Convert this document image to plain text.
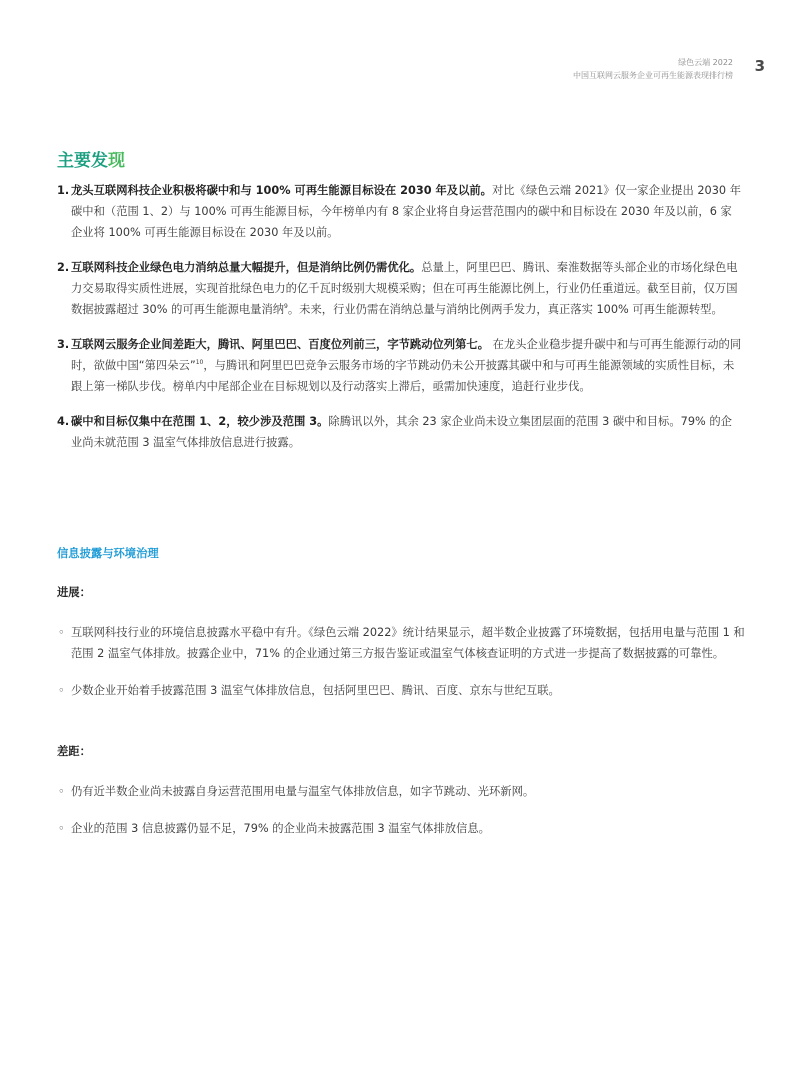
绿色云端 2022
中国互联网云服务企业可再生能源表现排行榜
3
主要发现
1. 龙头互联网科技企业积极将碳中和与 100% 可再生能源目标设在 2030 年及以前。对比《绿色云端 2021》仅一家企业提出 2030 年碳中和（范围 1、2）与 100% 可再生能源目标，今年榜单内有 8 家企业将自身运营范围内的碳中和目标设在 2030 年及以前，6 家企业将 100% 可再生能源目标设在 2030 年及以前。
2. 互联网科技企业绿色电力消纳总量大幅提升，但是消纳比例仍需优化。总量上，阿里巴巴、腾讯、秦淮数据等头部企业的市场化绿色电力交易取得实质性进展，实现首批绿色电力的亿千瓦时级别大规模采购；但在可再生能源比例上，行业仍任重道远。截至目前，仅万国数据披露超过 30% 的可再生能源电量消纳$^9$。未来，行业仍需在消纳总量与消纳比例两手发力，真正落实 100% 可再生能源转型。
3. 互联网云服务企业间差距大，腾讯、阿里巴巴、百度位列前三，字节跳动位列第七。 在龙头企业稳步提升碳中和与可再生能源行动的同时，欲做中国“第四朵云”$^{10}$，与腾讯和阿里巴巴竞争云服务市场的字节跳动仍未公开披露其碳中和与可再生能源领域的实质性目标，未跟上第一梯队步伐。榜单内中尾部企业在目标规划以及行动落实上滞后，亟需加快速度，追赶行业步伐。
4. 碳中和目标仅集中在范围 1、2，较少涉及范围 3。除腾讯以外，其余 23 家企业尚未设立集团层面的范围 3 碳中和目标。79% 的企业尚未就范围 3 温室气体排放信息进行披露。
信息披露与环境治理
进展：
◦ 互联网科技行业的环境信息披露水平稳中有升。《绿色云端 2022》统计结果显示，超半数企业披露了环境数据，包括用电量与范围 1 和范围 2 温室气体排放。披露企业中，71% 的企业通过第三方报告鉴证或温室气体核查证明的方式进一步提高了数据披露的可靠性。
◦ 少数企业开始着手披露范围 3 温室气体排放信息，包括阿里巴巴、腾讯、百度、京东与世纪互联。
差距：
◦ 仍有近半数企业尚未披露自身运营范围用电量与温室气体排放信息，如字节跳动、光环新网。
◦ 企业的范围 3 信息披露仍显不足，79% 的企业尚未披露范围 3 温室气体排放信息。
